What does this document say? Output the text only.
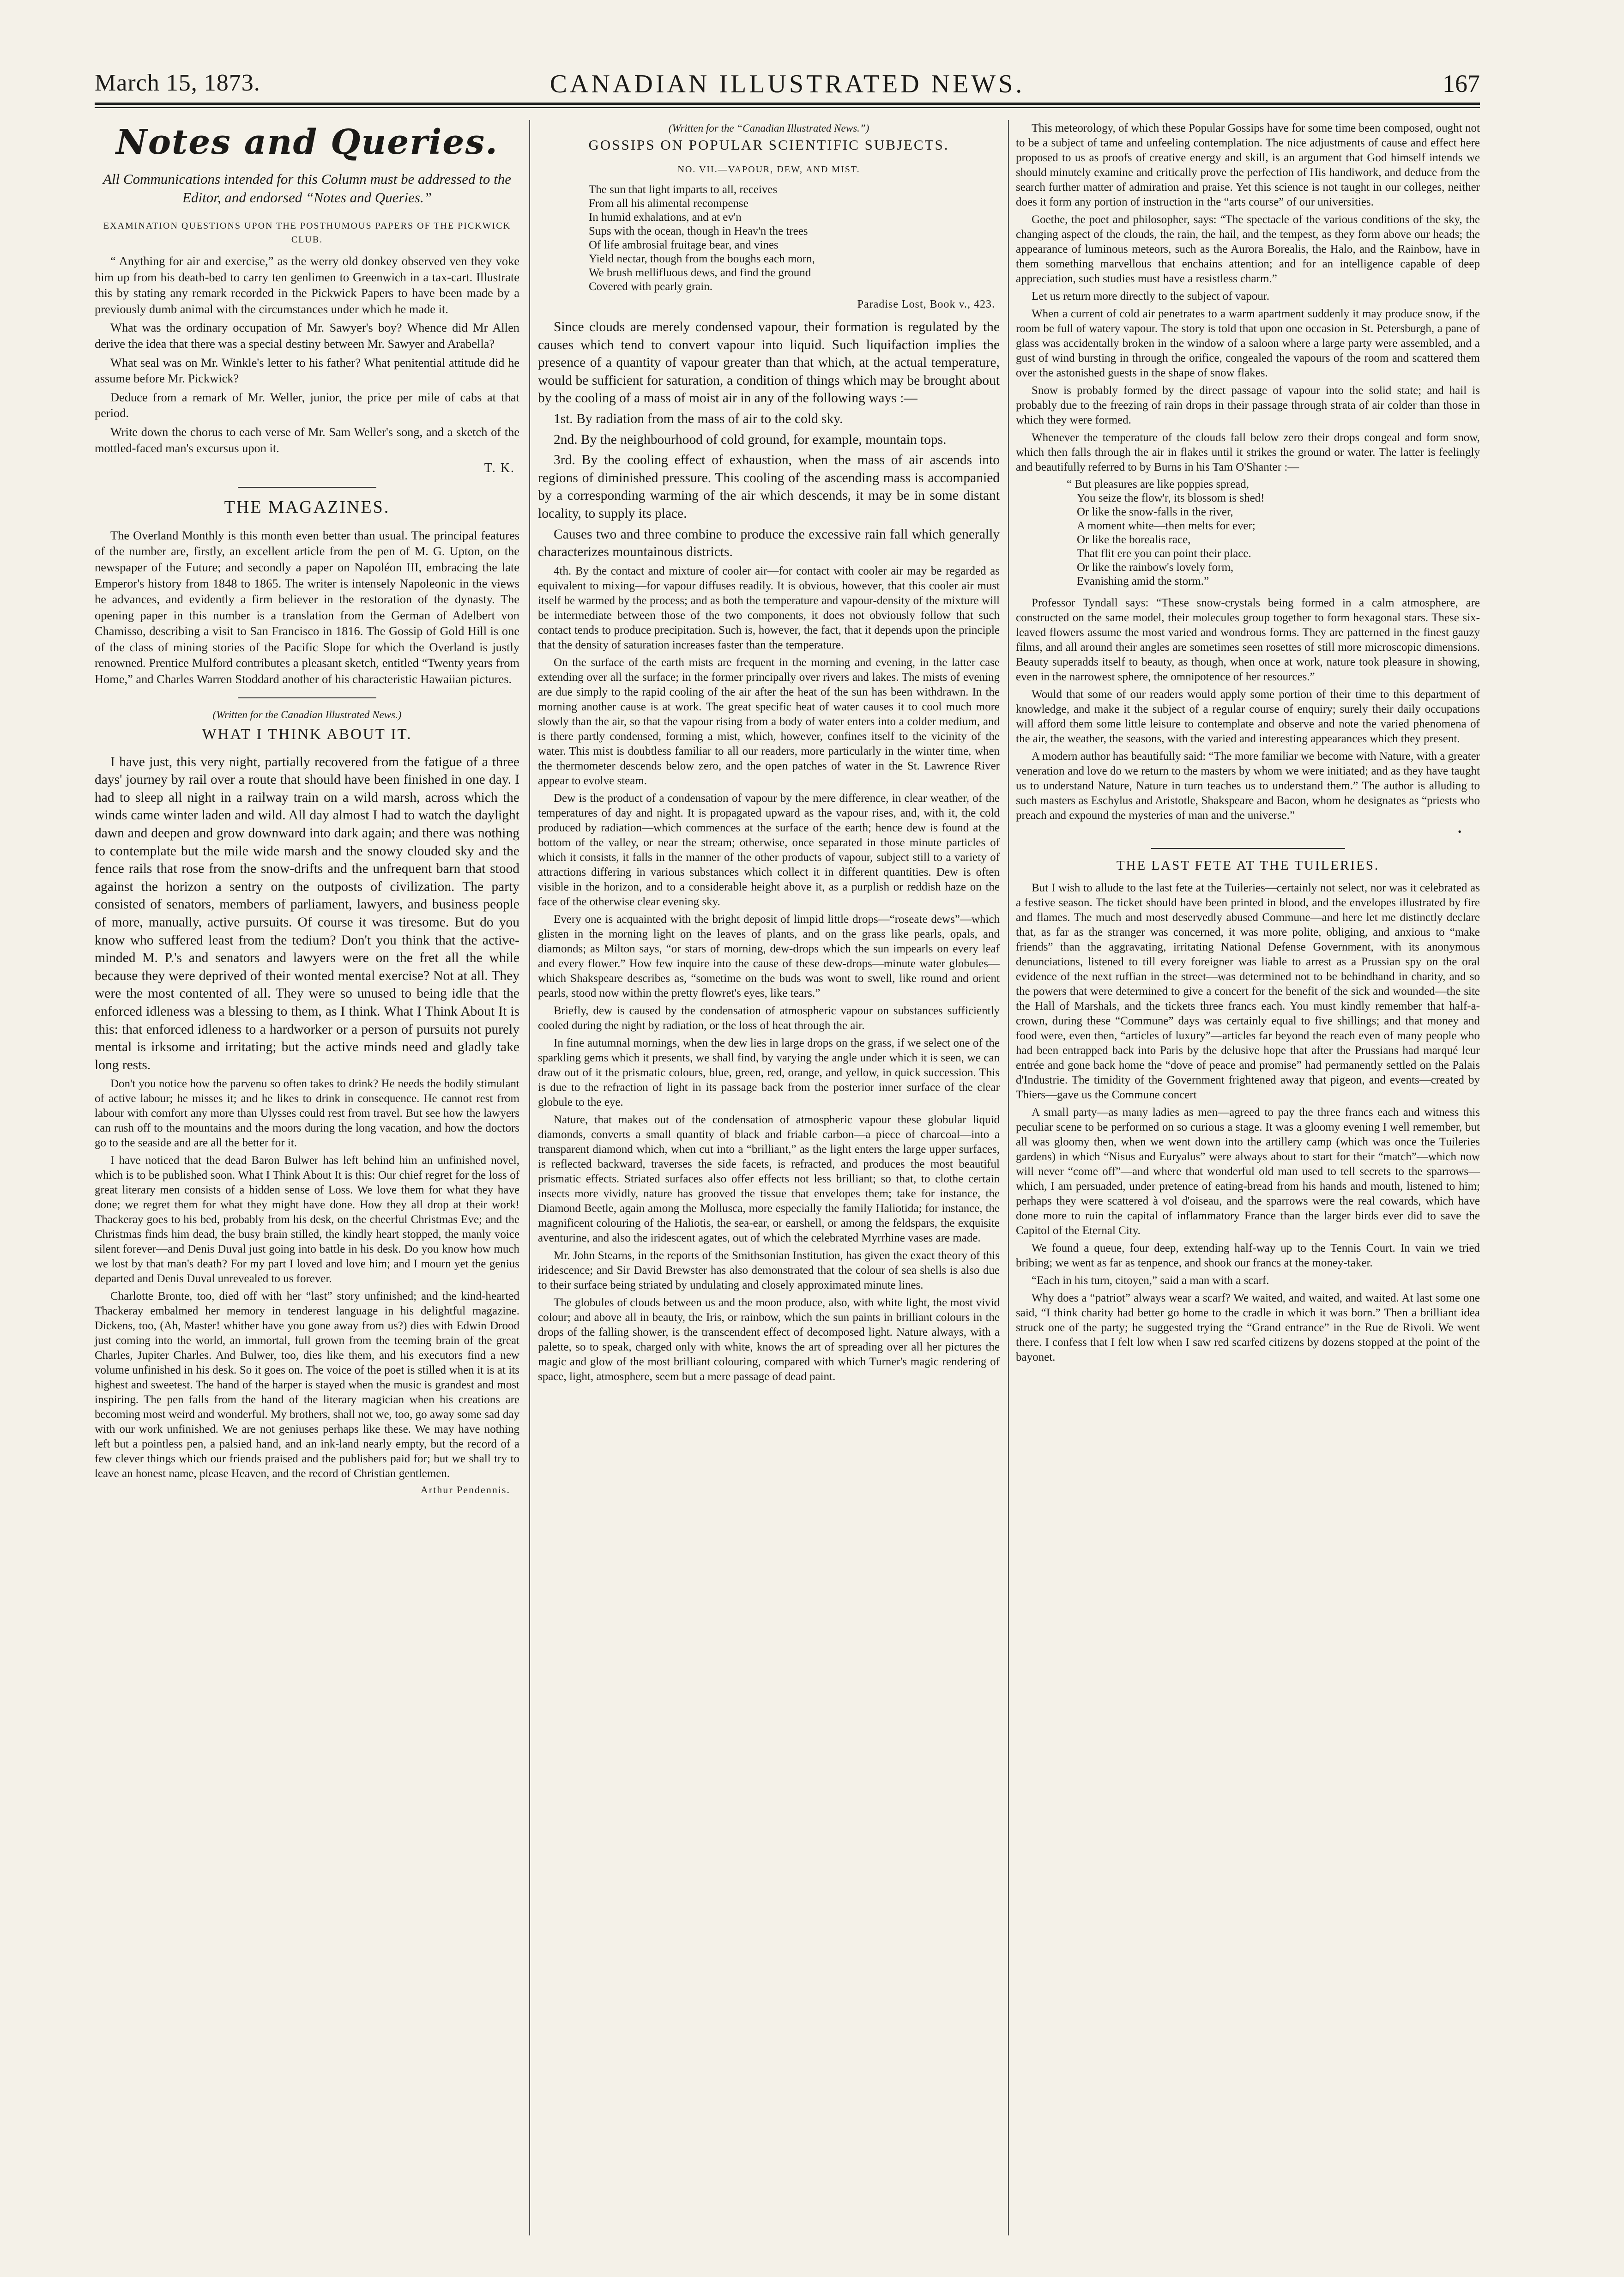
March 15, 1873.	CANADIAN ILLUSTRATED NEWS.	167
Notes and Queries.
All Communications intended for this Column must be addressed to the Editor, and endorsed “Notes and Queries.”
EXAMINATION QUESTIONS UPON THE POSTHUMOUS PAPERS OF THE PICKWICK CLUB.

“ Anything for air and exercise,” as the werry old donkey observed ven they voke him up from his death-bed to carry ten genlimen to Greenwich in a tax-cart. Illustrate this by stating any remark recorded in the Pickwick Papers to have been made by a previously dumb animal with the circumstances under which he made it.

What was the ordinary occupation of Mr. Sawyer's boy? Whence did Mr Allen derive the idea that there was a special destiny between Mr. Sawyer and Arabella?

What seal was on Mr. Winkle's letter to his father? What penitential attitude did he assume before Mr. Pickwick?

Deduce from a remark of Mr. Weller, junior, the price per mile of cabs at that period.

Write down the chorus to each verse of Mr. Sam Weller's song, and a sketch of the mottled-faced man's excursus upon it.

T. K.

THE MAGAZINES.

The Overland Monthly is this month even better than usual. The principal features of the number are, firstly, an excellent article from the pen of M. G. Upton, on the newspaper of the Future; and secondly a paper on Napoléon III, embracing the late Emperor's history from 1848 to 1865. The writer is intensely Napoleonic in the views he advances, and evidently a firm believer in the restoration of the dynasty. The opening paper in this number is a translation from the German of Adelbert von Chamisso, describing a visit to San Francisco in 1816. The Gossip of Gold Hill is one of the class of mining stories of the Pacific Slope for which the Overland is justly renowned. Prentice Mulford contributes a pleasant sketch, entitled “Twenty years from Home,” and Charles Warren Stoddard another of his characteristic Hawaiian pictures.

(Written for the Canadian Illustrated News.)
WHAT I THINK ABOUT IT.

I have just, this very night, partially recovered from the fatigue of a three days' journey by rail over a route that should have been finished in one day. I had to sleep all night in a railway train on a wild marsh, across which the winds came winter laden and wild. All day almost I had to watch the daylight dawn and deepen and grow downward into dark again; and there was nothing to contemplate but the mile wide marsh and the snowy clouded sky and the fence rails that rose from the snow-drifts and the unfrequent barn that stood against the horizon a sentry on the outposts of civilization. The party consisted of senators, members of parliament, lawyers, and business people of more, manually, active pursuits. Of course it was tiresome. But do you know who suffered least from the tedium? Don't you think that the active-minded M. P.'s and senators and lawyers were on the fret all the while because they were deprived of their wonted mental exercise? Not at all. They were the most contented of all. They were so unused to being idle that the enforced idleness was a blessing to them, as I think. What I Think About It is this: that enforced idleness to a hardworker or a person of pursuits not purely mental is irksome and irritating; but the active minds need and gladly take long rests.

Don't you notice how the parvenu so often takes to drink? He needs the bodily stimulant of active labour; he misses it; and he likes to drink in consequence. He cannot rest from labour with comfort any more than Ulysses could rest from travel. But see how the lawyers can rush off to the mountains and the moors during the long vacation, and how the doctors go to the seaside and are all the better for it.

I have noticed that the dead Baron Bulwer has left behind him an unfinished novel, which is to be published soon. What I Think About It is this: Our chief regret for the loss of great literary men consists of a hidden sense of Loss. We love them for what they have done; we regret them for what they might have done. How they all drop at their work! Thackeray goes to his bed, probably from his desk, on the cheerful Christmas Eve; and the Christmas finds him dead, the busy brain stilled, the kindly heart stopped, the manly voice silent forever—and Denis Duval just going into battle in his desk. Do you know how much we lost by that man's death? For my part I loved and love him; and I mourn yet the genius departed and Denis Duval unrevealed to us forever.

Charlotte Bronte, too, died off with her “last” story unfinished; and the kind-hearted Thackeray embalmed her memory in tenderest language in his delightful magazine. Dickens, too, (Ah, Master! whither have you gone away from us?) dies with Edwin Drood just coming into the world, an immortal, full grown from the teeming brain of the great Charles, Jupiter Charles. And Bulwer, too, dies like them, and his executors find a new volume unfinished in his desk. So it goes on. The voice of the poet is stilled when it is at its highest and sweetest. The hand of the harper is stayed when the music is grandest and most inspiring. The pen falls from the hand of the literary magician when his creations are becoming most weird and wonderful. My brothers, shall not we, too, go away some sad day with our work unfinished. We are not geniuses perhaps like these. We may have nothing left but a pointless pen, a palsied hand, and an ink-land nearly empty, but the record of a few clever things which our friends praised and the publishers paid for; but we shall try to leave an honest name, please Heaven, and the record of Christian gentlemen.

Arthur Pendennis.

(Written for the “Canadian Illustrated News.”)
GOSSIPS ON POPULAR SCIENTIFIC SUBJECTS.
NO. VII.—VAPOUR, DEW, AND MIST.
The sun that light imparts to all, receives
From all his alimental recompense
In humid exhalations, and at ev'n
Sups with the ocean, though in Heav'n the trees
Of life ambrosial fruitage bear, and vines
Yield nectar, though from the boughs each morn,
We brush mellifluous dews, and find the ground
Covered with pearly grain.

Paradise Lost, Book v., 423.

Since clouds are merely condensed vapour, their formation is regulated by the causes which tend to convert vapour into liquid. Such liquifaction implies the presence of a quantity of vapour greater than that which, at the actual temperature, would be sufficient for saturation, a condition of things which may be brought about by the cooling of a mass of moist air in any of the following ways :—

1st. By radiation from the mass of air to the cold sky.

2nd. By the neighbourhood of cold ground, for example, mountain tops.

3rd. By the cooling effect of exhaustion, when the mass of air ascends into regions of diminished pressure. This cooling of the ascending mass is accompanied by a corresponding warming of the air which descends, it may be in some distant locality, to supply its place.

Causes two and three combine to produce the excessive rain fall which generally characterizes mountainous districts.

4th. By the contact and mixture of cooler air—for contact with cooler air may be regarded as equivalent to mixing—for vapour diffuses readily. It is obvious, however, that this cooler air must itself be warmed by the process; and as both the temperature and vapour-density of the mixture will be intermediate between those of the two components, it does not obviously follow that such contact tends to produce precipitation. Such is, however, the fact, that it depends upon the principle that the density of saturation increases faster than the temperature.

On the surface of the earth mists are frequent in the morning and evening, in the latter case extending over all the surface; in the former principally over rivers and lakes. The mists of evening are due simply to the rapid cooling of the air after the heat of the sun has been withdrawn. In the morning another cause is at work. The great specific heat of water causes it to cool much more slowly than the air, so that the vapour rising from a body of water enters into a colder medium, and is there partly condensed, forming a mist, which, however, confines itself to the vicinity of the water. This mist is doubtless familiar to all our readers, more particularly in the winter time, when the thermometer descends below zero, and the open patches of water in the St. Lawrence River appear to evolve steam.

Dew is the product of a condensation of vapour by the mere difference, in clear weather, of the temperatures of day and night. It is propagated upward as the vapour rises, and, with it, the cold produced by radiation—which commences at the surface of the earth; hence dew is found at the bottom of the valley, or near the stream; otherwise, once separated in those minute particles of which it consists, it falls in the manner of the other products of vapour, subject still to a variety of attractions differing in various substances which collect it in different quantities. Dew is often visible in the horizon, and to a considerable height above it, as a purplish or reddish haze on the face of the otherwise clear evening sky.

Every one is acquainted with the bright deposit of limpid little drops—“roseate dews”—which glisten in the morning light on the leaves of plants, and on the grass like pearls, opals, and diamonds; as Milton says, “or stars of morning, dew-drops which the sun impearls on every leaf and every flower.” How few inquire into the cause of these dew-drops—minute water globules—which Shakspeare describes as, “sometime on the buds was wont to swell, like round and orient pearls, stood now within the pretty flowret's eyes, like tears.”

Briefly, dew is caused by the condensation of atmospheric vapour on substances sufficiently cooled during the night by radiation, or the loss of heat through the air.

In fine autumnal mornings, when the dew lies in large drops on the grass, if we select one of the sparkling gems which it presents, we shall find, by varying the angle under which it is seen, we can draw out of it the prismatic colours, blue, green, red, orange, and yellow, in quick succession. This is due to the refraction of light in its passage back from the posterior inner surface of the clear globule to the eye.

Nature, that makes out of the condensation of atmospheric vapour these globular liquid diamonds, converts a small quantity of black and friable carbon—a piece of charcoal—into a transparent diamond which, when cut into a “brilliant,” as the light enters the large upper surfaces, is reflected backward, traverses the side facets, is refracted, and produces the most beautiful prismatic effects. Striated surfaces also offer effects not less brilliant; so that, to clothe certain insects more vividly, nature has grooved the tissue that envelopes them; take for instance, the Diamond Beetle, again among the Mollusca, more especially the family Haliotida; for instance, the magnificent colouring of the Haliotis, the sea-ear, or earshell, or among the feldspars, the exquisite aventurine, and also the iridescent agates, out of which the celebrated Myrrhine vases are made.

Mr. John Stearns, in the reports of the Smithsonian Institution, has given the exact theory of this iridescence; and Sir David Brewster has also demonstrated that the colour of sea shells is also due to their surface being striated by undulating and closely approximated minute lines.

The globules of clouds between us and the moon produce, also, with white light, the most vivid colour; and above all in beauty, the Iris, or rainbow, which the sun paints in brilliant colours in the drops of the falling shower, is the transcendent effect of decomposed light. Nature always, with a palette, so to speak, charged only with white, knows the art of spreading over all her pictures the magic and glow of the most brilliant colouring, compared with which Turner's magic rendering of space, light, atmosphere, seem but a mere passage of dead paint.

This meteorology, of which these Popular Gossips have for some time been composed, ought not to be a subject of tame and unfeeling contemplation. The nice adjustments of cause and effect here proposed to us as proofs of creative energy and skill, is an argument that God himself intends we should minutely examine and critically prove the perfection of His handiwork, and deduce from the search further matter of admiration and praise. Yet this science is not taught in our colleges, neither does it form any portion of instruction in the “arts course” of our universities.

Goethe, the poet and philosopher, says: “The spectacle of the various conditions of the sky, the changing aspect of the clouds, the rain, the hail, and the tempest, as they form above our heads; the appearance of luminous meteors, such as the Aurora Borealis, the Halo, and the Rainbow, have in them something marvellous that enchains attention; and for an intelligence capable of deep appreciation, such studies must have a resistless charm.”

Let us return more directly to the subject of vapour.

When a current of cold air penetrates to a warm apartment suddenly it may produce snow, if the room be full of watery vapour. The story is told that upon one occasion in St. Petersburgh, a pane of glass was accidentally broken in the window of a saloon where a large party were assembled, and a gust of wind bursting in through the orifice, congealed the vapours of the room and scattered them over the astonished guests in the shape of snow flakes.

Snow is probably formed by the direct passage of vapour into the solid state; and hail is probably due to the freezing of rain drops in their passage through strata of air colder than those in which they were formed.

Whenever the temperature of the clouds fall below zero their drops congeal and form snow, which then falls through the air in flakes until it strikes the ground or water. The latter is feelingly and beautifully referred to by Burns in his Tam O'Shanter :—

“ But pleasures are like poppies spread,
You seize the flow'r, its blossom is shed!
Or like the snow-falls in the river,
A moment white—then melts for ever;
Or like the borealis race,
That flit ere you can point their place.
Or like the rainbow's lovely form,
Evanishing amid the storm.”

Professor Tyndall says: “These snow-crystals being formed in a calm atmosphere, are constructed on the same model, their molecules group together to form hexagonal stars. These six-leaved flowers assume the most varied and wondrous forms. They are patterned in the finest gauzy films, and all around their angles are sometimes seen rosettes of still more microscopic dimensions. Beauty superadds itself to beauty, as though, when once at work, nature took pleasure in showing, even in the narrowest sphere, the omnipotence of her resources.”

Would that some of our readers would apply some portion of their time to this department of knowledge, and make it the subject of a regular course of enquiry; surely their daily occupations will afford them some little leisure to contemplate and observe and note the varied phenomena of the air, the weather, the seasons, with the varied and interesting appearances which they present.

A modern author has beautifully said: “The more familiar we become with Nature, with a greater veneration and love do we return to the masters by whom we were initiated; and as they have taught us to understand Nature, Nature in turn teaches us to understand them.” The author is alluding to such masters as Eschylus and Aristotle, Shakspeare and Bacon, whom he designates as “priests who preach and expound the mysteries of man and the universe.”

•

THE LAST FETE AT THE TUILERIES.

But I wish to allude to the last fete at the Tuileries—certainly not select, nor was it celebrated as a festive season. The ticket should have been printed in blood, and the envelopes illustrated by fire and flames. The much and most deservedly abused Commune—and here let me distinctly declare that, as far as the stranger was concerned, it was more polite, obliging, and anxious to “make friends” than the aggravating, irritating National Defense Government, with its anonymous denunciations, listened to till every foreigner was liable to arrest as a Prussian spy on the oral evidence of the next ruffian in the street—was determined not to be behindhand in charity, and so the powers that were determined to give a concert for the benefit of the sick and wounded—the site the Hall of Marshals, and the tickets three francs each. You must kindly remember that half-a-crown, during these “Commune” days was certainly equal to five shillings; and that money and food were, even then, “articles of luxury”—articles far beyond the reach even of many people who had been entrapped back into Paris by the delusive hope that after the Prussians had marqué leur entrée and gone back home the “dove of peace and promise” had permanently settled on the Palais d'Industrie. The timidity of the Government frightened away that pigeon, and events—created by Thiers—gave us the Commune concert

A small party—as many ladies as men—agreed to pay the three francs each and witness this peculiar scene to be performed on so curious a stage. It was a gloomy evening I well remember, but all was gloomy then, when we went down into the artillery camp (which was once the Tuileries gardens) in which “Nisus and Euryalus” were always about to start for their “match”—which now will never “come off”—and where that wonderful old man used to tell secrets to the sparrows—which, I am persuaded, under pretence of eating-bread from his hands and mouth, listened to him; perhaps they were scattered à vol d'oiseau, and the sparrows were the real cowards, which have done more to ruin the capital of inflammatory France than the larger birds ever did to save the Capitol of the Eternal City.

We found a queue, four deep, extending half-way up to the Tennis Court. In vain we tried bribing; we went as far as tenpence, and shook our francs at the money-taker.

“Each in his turn, citoyen,” said a man with a scarf.

Why does a “patriot” always wear a scarf? We waited, and waited, and waited. At last some one said, “I think charity had better go home to the cradle in which it was born.” Then a brilliant idea struck one of the party; he suggested trying the “Grand entrance” in the Rue de Rivoli. We went there. I confess that I felt low when I saw red scarfed citizens by dozens stopped at the point of the bayonet.
